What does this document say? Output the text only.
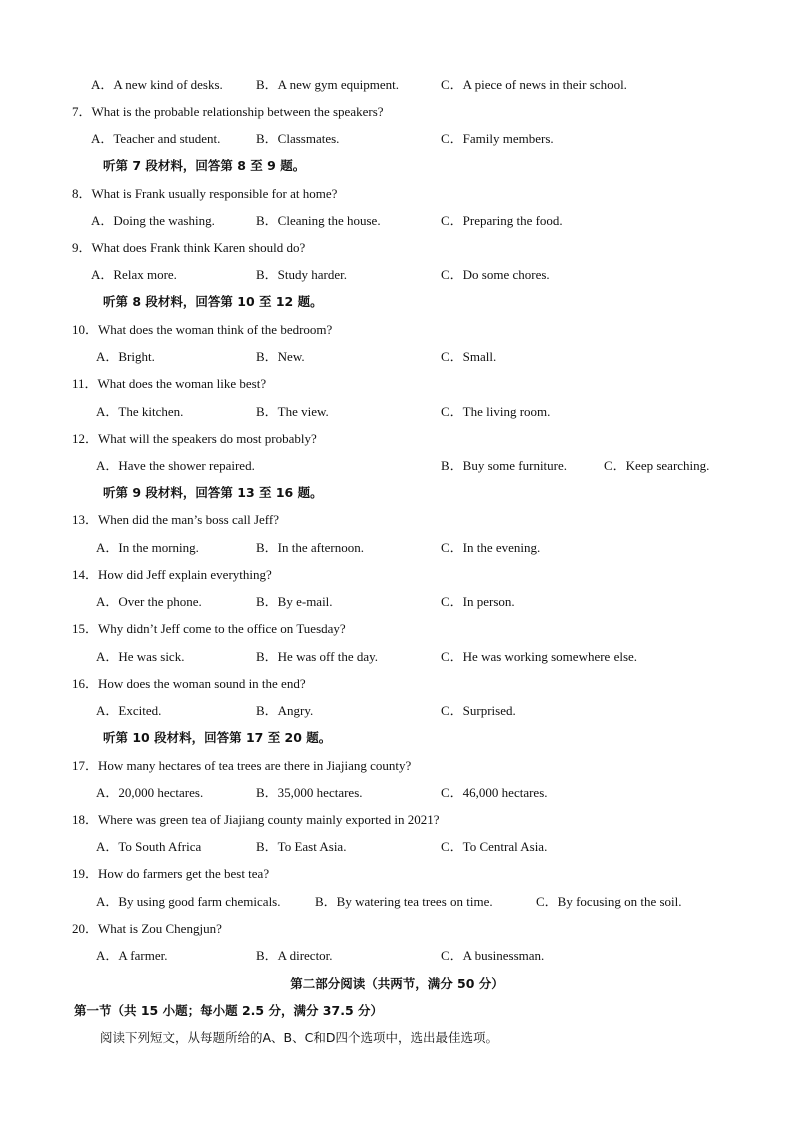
A．A new kind of desks.	B．A new gym equipment.	C．A piece of news in their school.
7．What is the probable relationship between the speakers?
A．Teacher and student.	B．Classmates.	C．Family members.
听第 7 段材料，回答第 8 至 9 题。
8．What is Frank usually responsible for at home?
A．Doing the washing.	B．Cleaning the house.	C．Preparing the food.
9．What does Frank think Karen should do?
A．Relax more.	B．Study harder.	C．Do some chores.
听第 8 段材料，回答第 10 至 12 题。
10．What does the woman think of the bedroom?
A．Bright.	B．New.	C．Small.
11．What does the woman like best?
A．The kitchen.	B．The view.	C．The living room.
12．What will the speakers do most probably?
A．Have the shower repaired.	B．Buy some furniture.	C．Keep searching.
听第 9 段材料，回答第 13 至 16 题。
13．When did the man’s boss call Jeff?
A．In the morning.	B．In the afternoon.	C．In the evening.
14．How did Jeff explain everything?
A．Over the phone.	B．By e-mail.	C．In person.
15．Why didn’t Jeff come to the office on Tuesday?
A．He was sick.	B．He was off the day.	C．He was working somewhere else.
16．How does the woman sound in the end?
A．Excited.	B．Angry.	C．Surprised.
听第 10 段材料，回答第 17 至 20 题。
17．How many hectares of tea trees are there in Jiajiang county?
A．20,000 hectares.	B．35,000 hectares.	C．46,000 hectares.
18．Where was green tea of Jiajiang county mainly exported in 2021?
A．To South Africa	B．To East Asia.	C．To Central Asia.
19．How do farmers get the best tea?
A．By using good farm chemicals.	B．By watering tea trees on time.	C．By focusing on the soil.
20．What is Zou Chengjun?
A．A farmer.	B．A director.	C．A businessman.
第二部分阅读（共两节，满分 50 分）
第一节（共 15 小题；每小题 2.5 分，满分 37.5 分）
阅读下列短文，从每题所给的A、B、C和D四个选项中，选出最佳选项。
